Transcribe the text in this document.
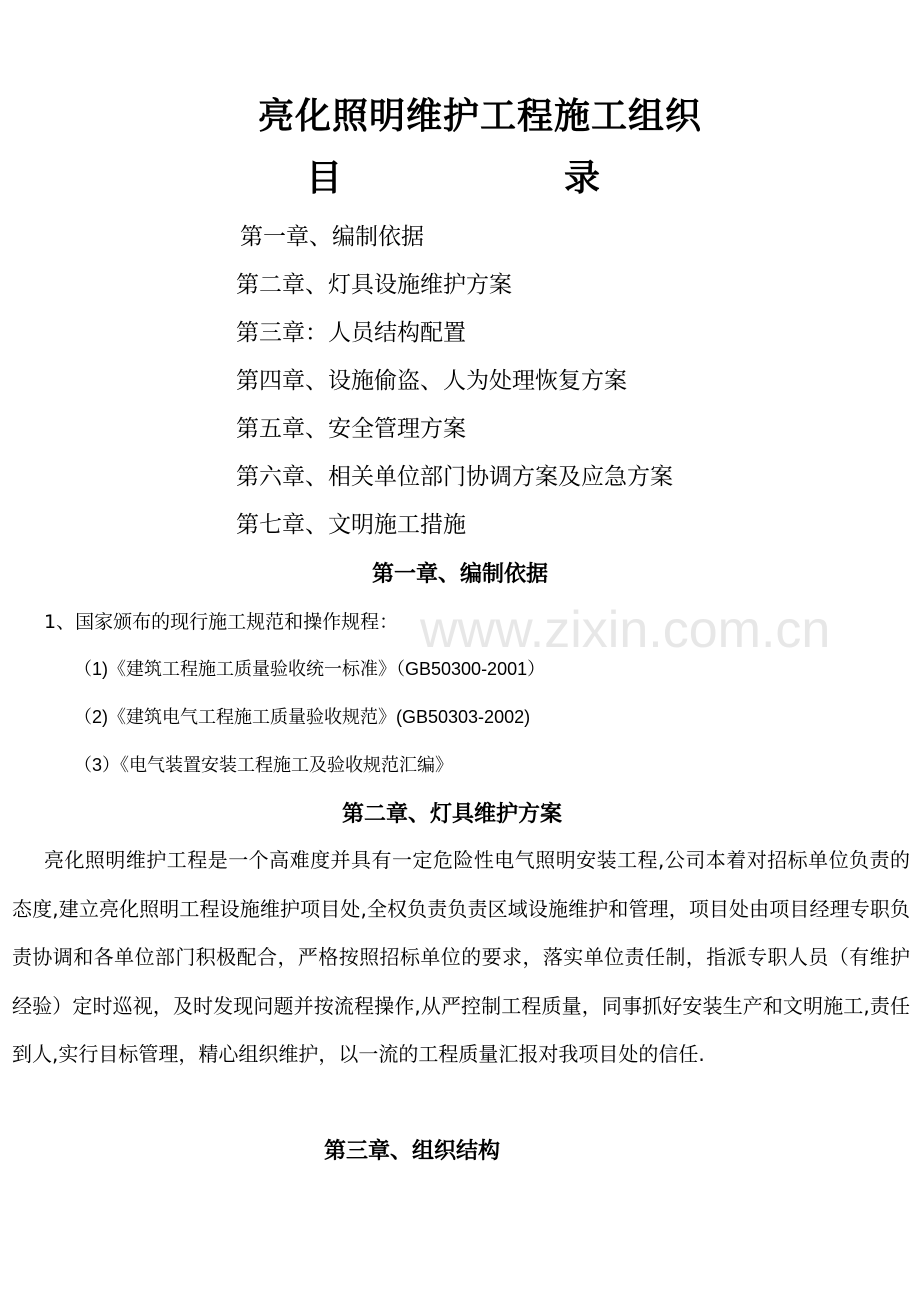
www.zixin.com.cn
亮化照明维护工程施工组织
目	录
第一章、编制依据
第二章、灯具设施维护方案
第三章：人员结构配置
第四章、设施偷盗、人为处理恢复方案
第五章、安全管理方案
第六章、相关单位部门协调方案及应急方案
第七章、文明施工措施
第一章、编制依据
1、国家颁布的现行施工规范和操作规程：
（1)《建筑工程施工质量验收统一标准》（GB50300-2001）
（2)《建筑电气工程施工质量验收规范》(GB50303-2002)
（3）《电气装置安装工程施工及验收规范汇编》
第二章、灯具维护方案
亮化照明维护工程是一个高难度并具有一定危险性电气照明安装工程,公司本着对招标单位负责的态度,建立亮化照明工程设施维护项目处,全权负责负责区域设施维护和管理，项目处由项目经理专职负责协调和各单位部门积极配合，严格按照招标单位的要求，落实单位责任制，指派专职人员（有维护经验）定时巡视，及时发现问题并按流程操作,从严控制工程质量，同事抓好安装生产和文明施工,责任到人,实行目标管理，精心组织维护，以一流的工程质量汇报对我项目处的信任.
第三章、组织结构
